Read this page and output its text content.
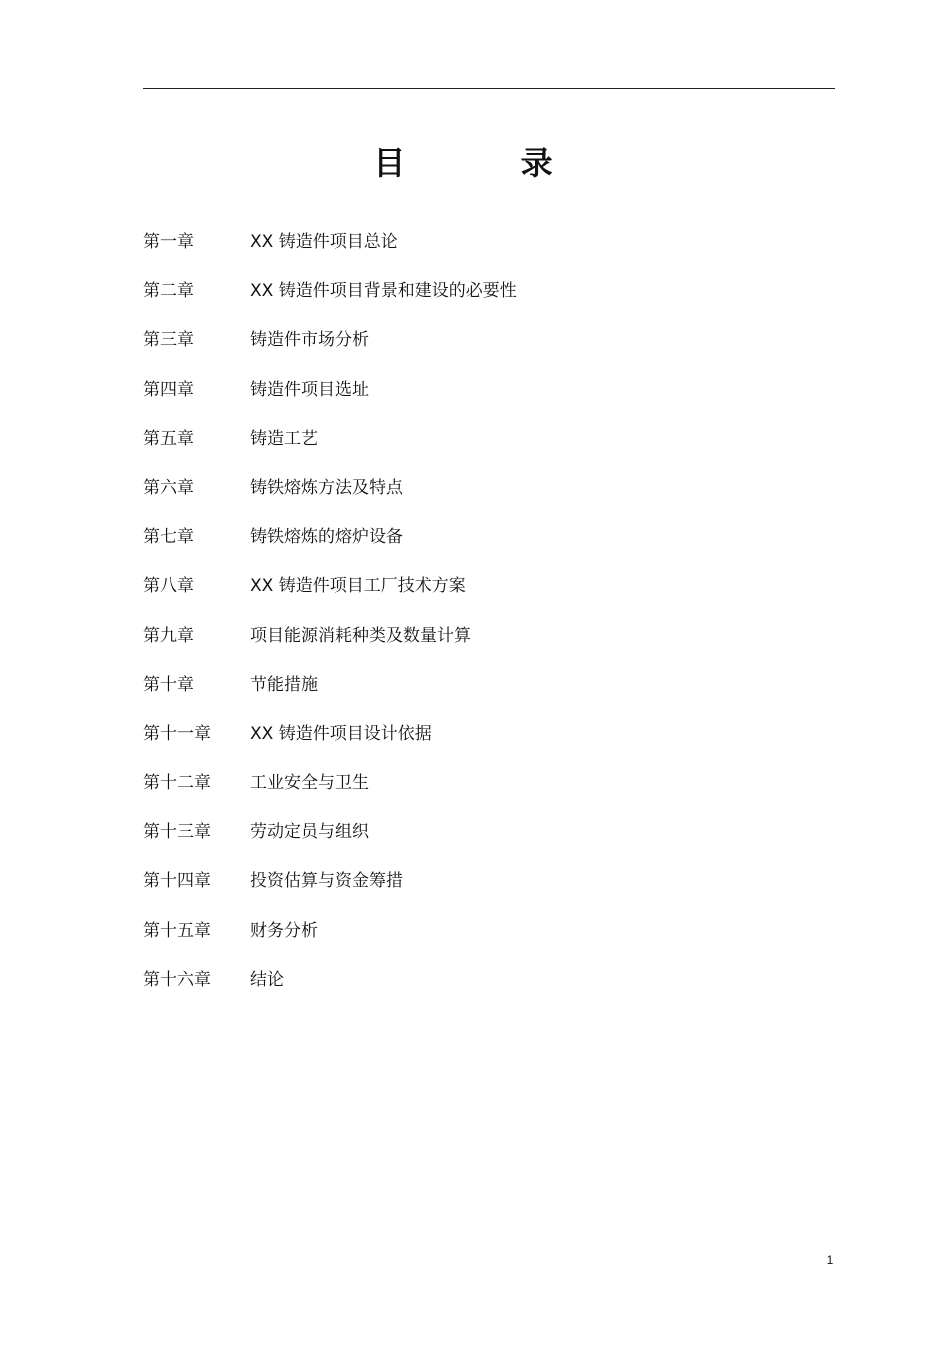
目 录
第一章	XX 铸造件项目总论
第二章	XX 铸造件项目背景和建设的必要性
第三章	铸造件市场分析
第四章	铸造件项目选址
第五章	铸造工艺
第六章	铸铁熔炼方法及特点
第七章	铸铁熔炼的熔炉设备
第八章	XX 铸造件项目工厂技术方案
第九章	项目能源消耗种类及数量计算
第十章	节能措施
第十一章	XX 铸造件项目设计依据
第十二章	工业安全与卫生
第十三章	劳动定员与组织
第十四章	投资估算与资金筹措
第十五章	财务分析
第十六章	结论
1
